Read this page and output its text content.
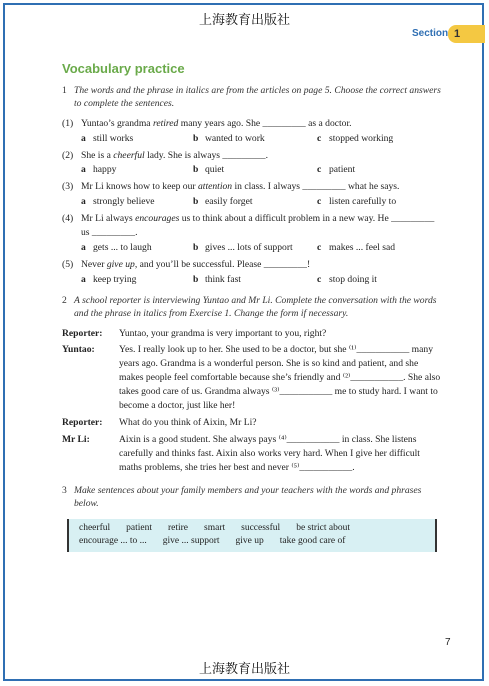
上海教育出版社
Section 1
Vocabulary practice
1 The words and the phrase in italics are from the articles on page 5. Choose the correct answers to complete the sentences.
(1) Yuntao’s grandma retired many years ago. She _________ as a doctor.
a still works	b wanted to work	c stopped working
(2) She is a cheerful lady. She is always _________.
a happy	b quiet	c patient
(3) Mr Li knows how to keep our attention in class. I always _________ what he says.
a strongly believe	b easily forget	c listen carefully to
(4) Mr Li always encourages us to think about a difficult problem in a new way. He _________ us _________.
a gets ... to laugh	b gives ... lots of support	c makes ... feel sad
(5) Never give up, and you’ll be successful. Please _________!
a keep trying	b think fast	c stop doing it
2 A school reporter is interviewing Yuntao and Mr Li. Complete the conversation with the words and the phrase in italics from Exercise 1. Change the form if necessary.
Reporter:	Yuntao, your grandma is very important to you, right?
Yuntao:	Yes. I really look up to her. She used to be a doctor, but she ⁽¹⁾___________ many years ago. Grandma is a wonderful person. She is so kind and patient, and she makes people feel comfortable because she’s friendly and ⁽²⁾___________. She also takes good care of us. Grandma always ⁽³⁾___________ me to study hard. I want to become a doctor, just like her!
Reporter:	What do you think of Aixin, Mr Li?
Mr Li:	Aixin is a good student. She always pays ⁽⁴⁾___________ in class. She listens carefully and thinks fast. Aixin also works very hard. When I give her difficult maths problems, she tries her best and never ⁽⁵⁾___________.
3 Make sentences about your family members and your teachers with the words and phrases below.
cheerful patient retire smart successful be strict about
encourage ... to ... give ... support give up take good care of
7
上海教育出版社
